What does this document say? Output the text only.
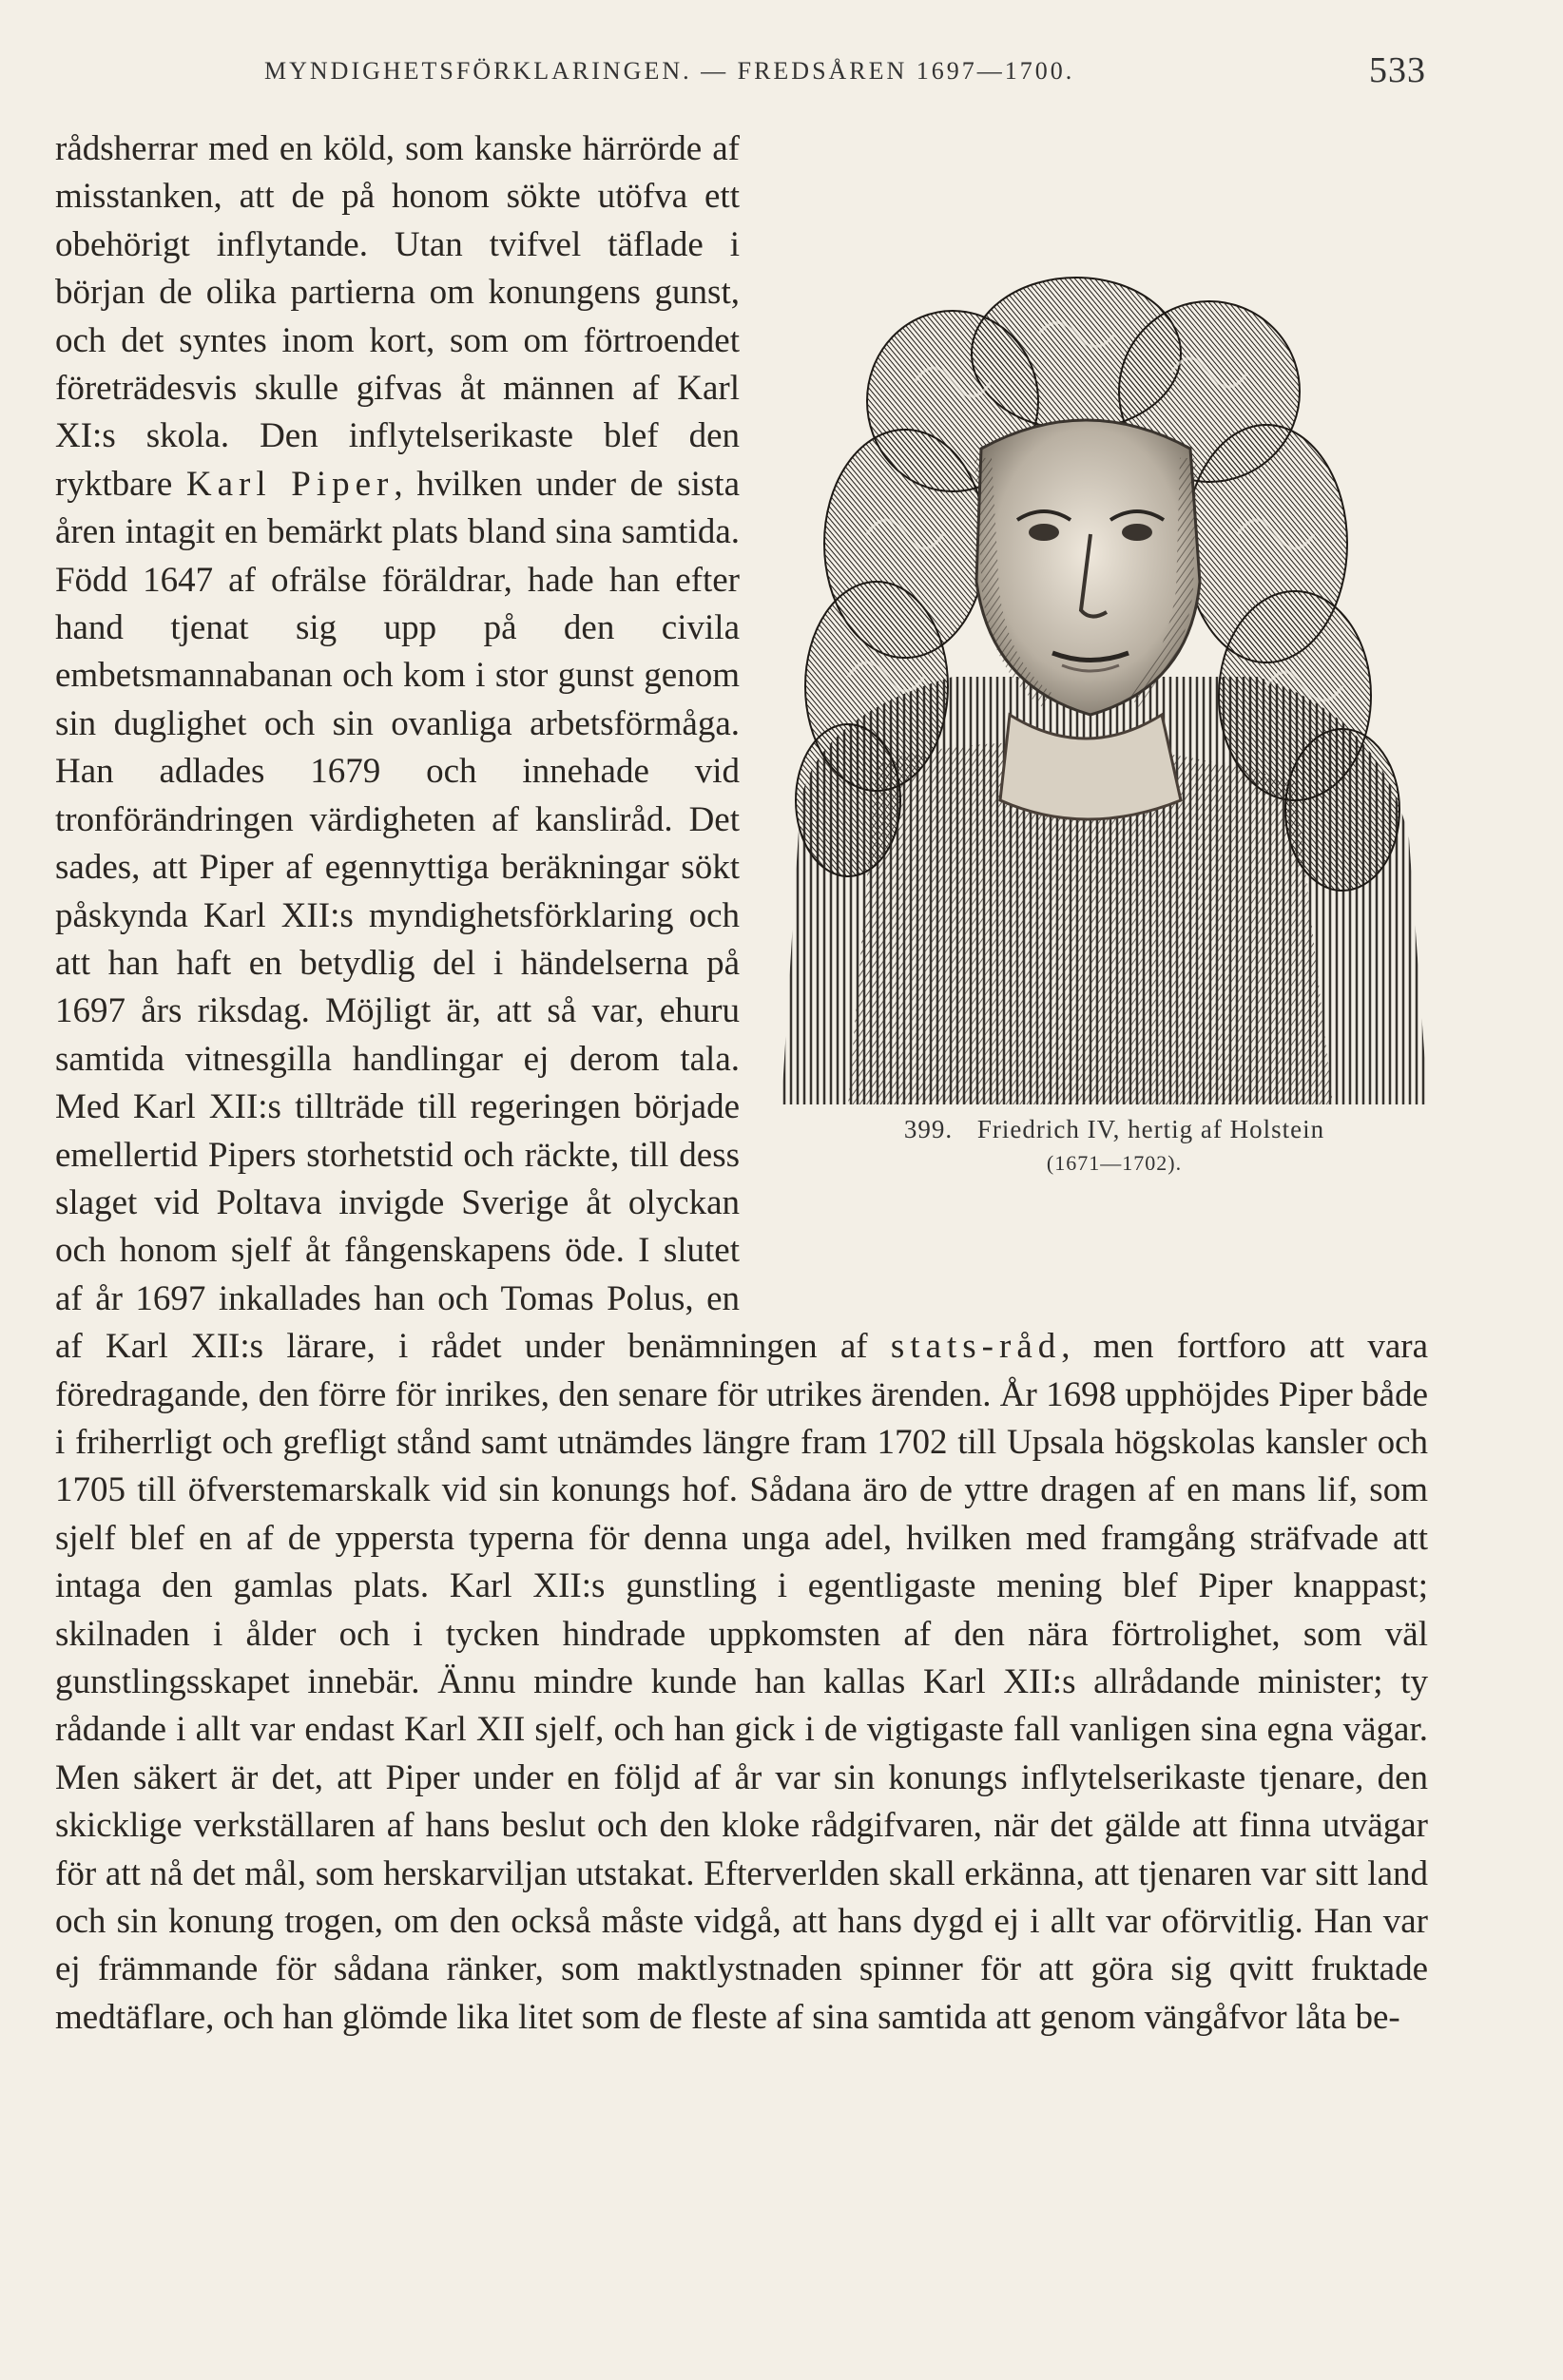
MYNDIGHETSFÖRKLARINGEN. — FREDSÅREN 1697—1700.	533
399. Friedrich IV, hertig af Holstein
(1671—1702).

rådsherrar med en köld, som kanske härrörde af misstanken, att de på honom sökte utöfva ett obehörigt inflytande. Utan tvifvel täflade i början de olika partierna om konungens gunst, och det syntes inom kort, som om förtroendet företrädesvis skulle gifvas åt männen af Karl XI:s skola. Den inflytelserikaste blef den ryktbare Karl Piper, hvilken under de sista åren intagit en bemärkt plats bland sina samtida. Född 1647 af ofrälse föräldrar, hade han efter hand tjenat sig upp på den civila embetsmannabanan och kom i stor gunst genom sin duglighet och sin ovanliga arbetsförmåga. Han adlades 1679 och innehade vid tronförändringen värdigheten af kansliråd. Det sades, att Piper af egennyttiga beräkningar sökt påskynda Karl XII:s myndighetsförklaring och att han haft en betydlig del i händelserna på 1697 års riksdag. Möjligt är, att så var, ehuru samtida vitnesgilla handlingar ej derom tala. Med Karl XII:s tillträde till regeringen började emellertid Pipers storhetstid och räckte, till dess slaget vid Poltava invigde Sverige åt olyckan och honom sjelf åt fångenskapens öde. I slutet af år 1697 inkallades han och Tomas Polus, en af Karl XII:s lärare, i rådet under benämningen af stats-råd, men fortforo att vara föredragande, den förre för inrikes, den senare för utrikes ärenden. År 1698 upphöjdes Piper både i friherrligt och grefligt stånd samt utnämdes längre fram 1702 till Upsala högskolas kansler och 1705 till öfverstemarskalk vid sin konungs hof. Sådana äro de yttre dragen af en mans lif, som sjelf blef en af de ypperstа typerna för denna unga adel, hvilken med framgång sträfvade att intaga den gamlas plats. Karl XII:s gunstling i egentligaste mening blef Piper knappast; skilnaden i ålder och i tycken hindrade uppkomsten af den nära förtrolighet, som väl gunstlingsskapet innebär. Ännu mindre kunde han kallas Karl XII:s allrådande minister; ty rådande i allt var endast Karl XII sjelf, och han gick i de vigtigaste fall vanligen sina egna vägar. Men säkert är det, att Piper under en följd af år var sin konungs inflytelserikaste tjenare, den skicklige verkställaren af hans beslut och den kloke rådgifvaren, när det gälde att finna utvägar för att nå det mål, som herskarviljan utstakat. Efterverlden skall erkänna, att tjenaren var sitt land och sin konung trogen, om den också måste vidgå, att hans dygd ej i allt var oförvitlig. Han var ej främmande för sådana ränker, som maktlystnaden spinner för att göra sig qvitt fruktade medtäflare, och han glömde lika litet som de fleste af sina samtida att genom vängåfvor låta be-
